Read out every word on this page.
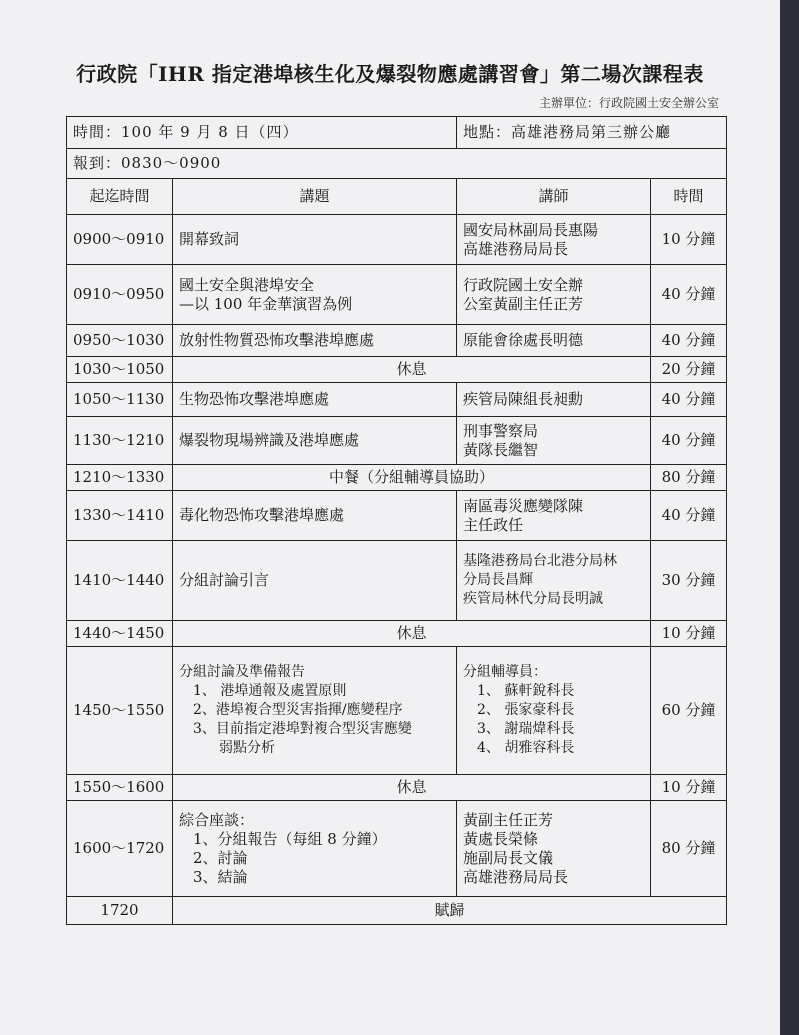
行政院「IHR 指定港埠核生化及爆裂物應處講習會」第二場次課程表
主辦單位：行政院國土安全辦公室
時間：100 年 9 月 8 日（四）		地點：高雄港務局第三辦公廳	
報到：0830～0900			
起迄時間	講題	講師	時間
0900～0910	開幕致詞	國安局林副局長惠陽
高雄港務局局長	10 分鐘
0910～0950	國土安全與港埠安全
—以 100 年金華演習為例	行政院國土安全辦
公室黃副主任正芳	40 分鐘
0950～1030	放射性物質恐怖攻擊港埠應處	原能會徐處長明德	40 分鐘
1030～1050	休息		20 分鐘
1050～1130	生物恐怖攻擊港埠應處	疾管局陳組長昶勳	40 分鐘
1130～1210	爆裂物現場辨識及港埠應處	刑事警察局
黃隊長繼智	40 分鐘
1210～1330	中餐（分組輔導員協助）		80 分鐘
1330～1410	毒化物恐怖攻擊港埠應處	南區毒災應變隊陳
主任政任	40 分鐘
1410～1440	分組討論引言	基隆港務局台北港分局林
分局長昌輝
疾管局林代分局長明誠	30 分鐘
1440～1450	休息		10 分鐘
1450～1550	分組討論及準備報告
1、 港埠通報及處置原則
2、港埠複合型災害指揮/應變程序
3、目前指定港埠對複合型災害應變
弱點分析	分組輔導員：
1、 蘇軒銳科長
2、 張家豪科長
3、 謝瑞煒科長
4、 胡雅容科長	60 分鐘
1550～1600	休息		10 分鐘
1600～1720	綜合座談：
1、分組報告（每組 8 分鐘）
2、討論
3、結論	黃副主任正芳
黃處長榮條
施副局長文儀
高雄港務局局長	80 分鐘
1720	賦歸		
